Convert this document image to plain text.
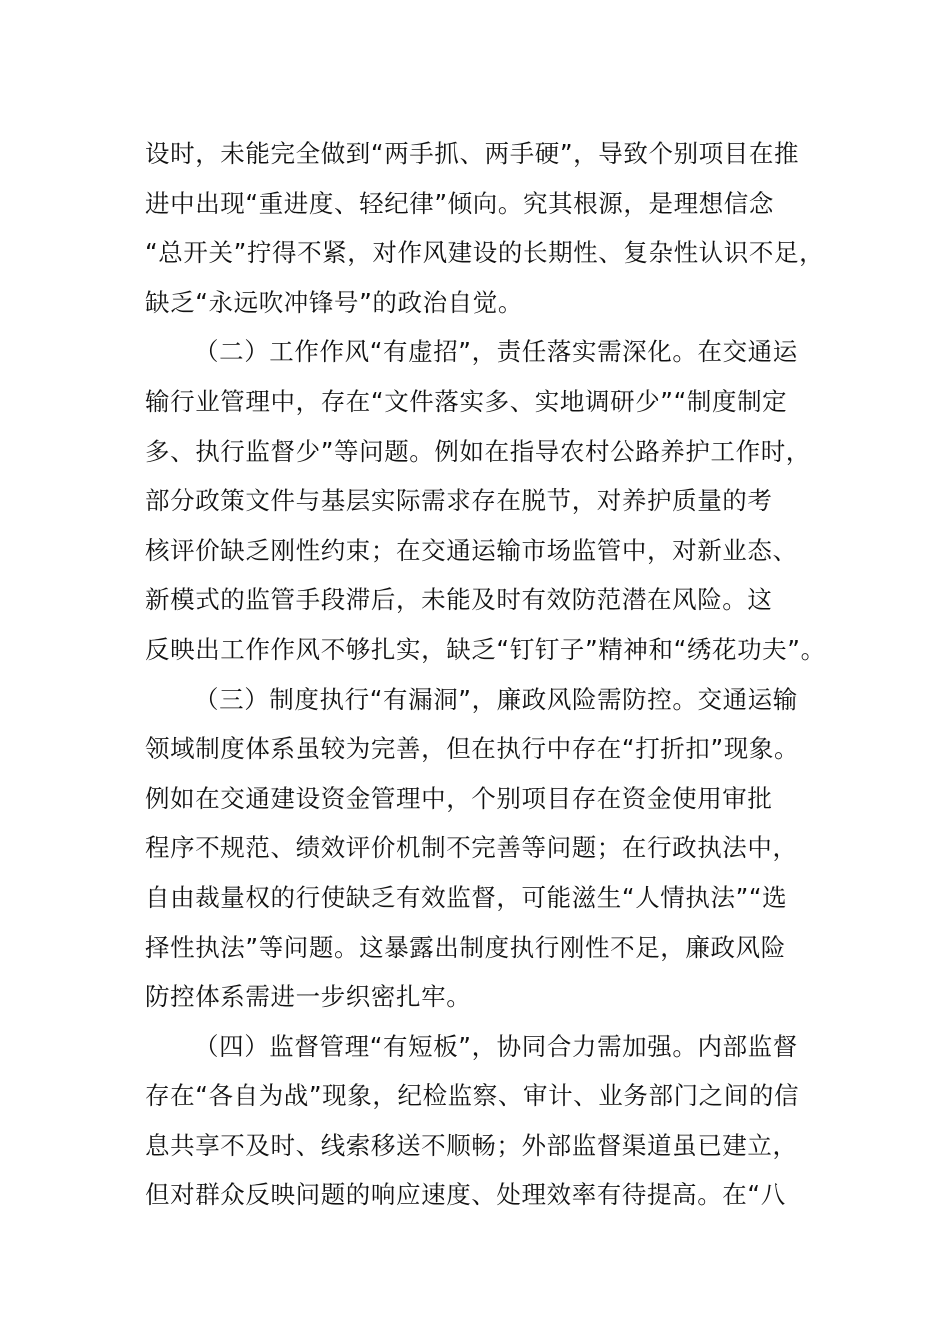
设时，未能完全做到“两手抓、两手硬”，导致个别项目在推
进中出现“重进度、轻纪律”倾向。究其根源，是理想信念
“总开关”拧得不紧，对作风建设的长期性、复杂性认识不足，
缺乏“永远吹冲锋号”的政治自觉。
（二）工作作风“有虚招”，责任落实需深化。在交通运
输行业管理中，存在“文件落实多、实地调研少”“制度制定
多、执行监督少”等问题。例如在指导农村公路养护工作时，
部分政策文件与基层实际需求存在脱节，对养护质量的考
核评价缺乏刚性约束；在交通运输市场监管中，对新业态、
新模式的监管手段滞后，未能及时有效防范潜在风险。这
反映出工作作风不够扎实，缺乏“钉钉子”精神和“绣花功夫”。
（三）制度执行“有漏洞”，廉政风险需防控。交通运输
领域制度体系虽较为完善，但在执行中存在“打折扣”现象。
例如在交通建设资金管理中，个别项目存在资金使用审批
程序不规范、绩效评价机制不完善等问题；在行政执法中，
自由裁量权的行使缺乏有效监督，可能滋生“人情执法”“选
择性执法”等问题。这暴露出制度执行刚性不足，廉政风险
防控体系需进一步织密扎牢。
（四）监督管理“有短板”，协同合力需加强。内部监督
存在“各自为战”现象，纪检监察、审计、业务部门之间的信
息共享不及时、线索移送不顺畅；外部监督渠道虽已建立，
但对群众反映问题的响应速度、处理效率有待提高。在“八
